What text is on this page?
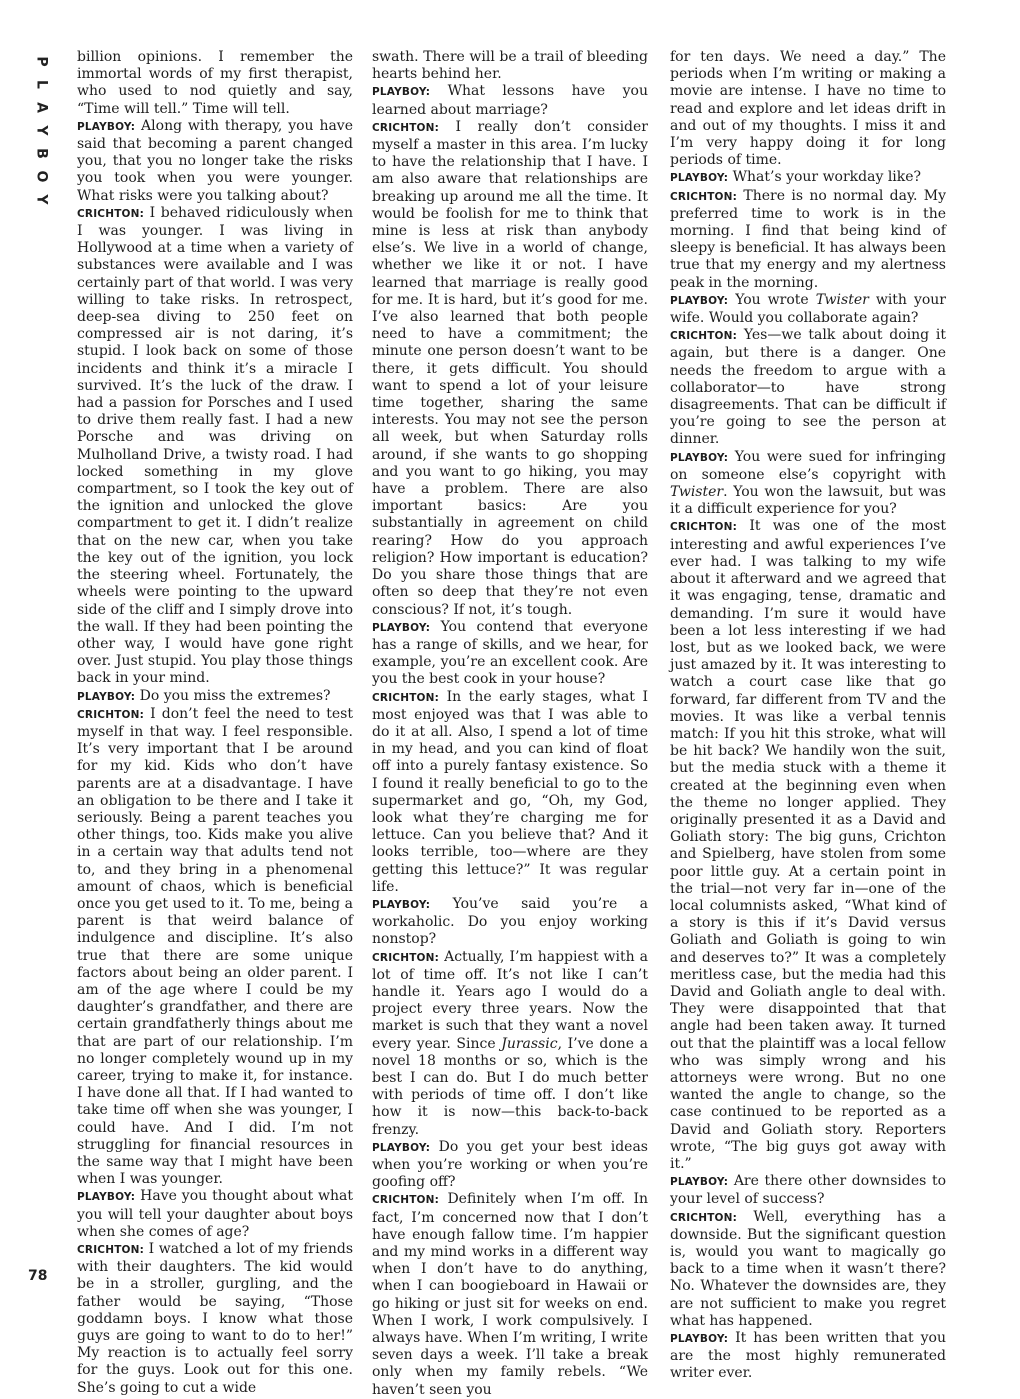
P
L
A
Y
B
O
Y
78

billion opinions. I remember the immortal words of my first therapist, who used to nod quietly and say, “Time will tell.” Time will tell.

PLAYBOY: Along with therapy, you have said that becoming a parent changed you, that you no longer take the risks you took when you were younger. What risks were you talking about?

CRICHTON: I behaved ridiculously when I was younger. I was living in Hollywood at a time when a variety of substances were available and I was certainly part of that world. I was very willing to take risks. In retrospect, deep-sea diving to 250 feet on compressed air is not daring, it’s stupid. I look back on some of those incidents and think it’s a miracle I survived. It’s the luck of the draw. I had a passion for Porsches and I used to drive them really fast. I had a new Porsche and was driving on Mulholland Drive, a twisty road. I had locked something in my glove compartment, so I took the key out of the ignition and unlocked the glove compartment to get it. I didn’t realize that on the new car, when you take the key out of the ignition, you lock the steering wheel. Fortunately, the wheels were pointing to the upward side of the cliff and I simply drove into the wall. If they had been pointing the other way, I would have gone right over. Just stupid. You play those things back in your mind.

PLAYBOY: Do you miss the extremes?

CRICHTON: I don’t feel the need to test myself in that way. I feel responsible. It’s very important that I be around for my kid. Kids who don’t have parents are at a disadvantage. I have an obligation to be there and I take it seriously. Being a parent teaches you other things, too. Kids make you alive in a certain way that adults tend not to, and they bring in a phenomenal amount of chaos, which is beneficial once you get used to it. To me, being a parent is that weird balance of indulgence and discipline. It’s also true that there are some unique factors about being an older parent. I am of the age where I could be my daughter’s grandfather, and there are certain grandfatherly things about me that are part of our relationship. I’m no longer completely wound up in my career, trying to make it, for instance. I have done all that. If I had wanted to take time off when she was younger, I could have. And I did. I’m not struggling for financial resources in the same way that I might have been when I was younger.

PLAYBOY: Have you thought about what you will tell your daughter about boys when she comes of age?

CRICHTON: I watched a lot of my friends with their daughters. The kid would be in a stroller, gurgling, and the father would be saying, “Those goddamn boys. I know what those guys are going to want to do to her!” My reaction is to actually feel sorry for the guys. Look out for this one. She’s going to cut a wide

swath. There will be a trail of bleeding hearts behind her.

PLAYBOY: What lessons have you learned about marriage?

CRICHTON: I really don’t consider myself a master in this area. I’m lucky to have the relationship that I have. I am also aware that relationships are breaking up around me all the time. It would be foolish for me to think that mine is less at risk than anybody else’s. We live in a world of change, whether we like it or not. I have learned that marriage is really good for me. It is hard, but it’s good for me. I’ve also learned that both people need to have a commitment; the minute one person doesn’t want to be there, it gets difficult. You should want to spend a lot of your leisure time together, sharing the same interests. You may not see the person all week, but when Saturday rolls around, if she wants to go shopping and you want to go hiking, you may have a problem. There are also important basics: Are you substantially in agreement on child rearing? How do you approach religion? How important is education? Do you share those things that are often so deep that they’re not even conscious? If not, it’s tough.

PLAYBOY: You contend that everyone has a range of skills, and we hear, for example, you’re an excellent cook. Are you the best cook in your house?

CRICHTON: In the early stages, what I most enjoyed was that I was able to do it at all. Also, I spend a lot of time in my head, and you can kind of float off into a purely fantasy existence. So I found it really beneficial to go to the supermarket and go, “Oh, my God, look what they’re charging me for lettuce. Can you believe that? And it looks terrible, too—where are they getting this lettuce?” It was regular life.

PLAYBOY: You’ve said you’re a workaholic. Do you enjoy working nonstop?

CRICHTON: Actually, I’m happiest with a lot of time off. It’s not like I can’t handle it. Years ago I would do a project every three years. Now the market is such that they want a novel every year. Since Jurassic, I’ve done a novel 18 months or so, which is the best I can do. But I do much better with periods of time off. I don’t like how it is now—this back-to-back frenzy.

PLAYBOY: Do you get your best ideas when you’re working or when you’re goofing off?

CRICHTON: Definitely when I’m off. In fact, I’m concerned now that I don’t have enough fallow time. I’m happier and my mind works in a different way when I don’t have to do anything, when I can boogieboard in Hawaii or go hiking or just sit for weeks on end. When I work, I work compulsively. I always have. When I’m writing, I write seven days a week. I’ll take a break only when my family rebels. “We haven’t seen you

for ten days. We need a day.” The periods when I’m writing or making a movie are intense. I have no time to read and explore and let ideas drift in and out of my thoughts. I miss it and I’m very happy doing it for long periods of time.

PLAYBOY: What’s your workday like?

CRICHTON: There is no normal day. My preferred time to work is in the morning. I find that being kind of sleepy is beneficial. It has always been true that my energy and my alertness peak in the morning.

PLAYBOY: You wrote Twister with your wife. Would you collaborate again?

CRICHTON: Yes—we talk about doing it again, but there is a danger. One needs the freedom to argue with a collaborator—to have strong disagreements. That can be difficult if you’re going to see the person at dinner.

PLAYBOY: You were sued for infringing on someone else’s copyright with Twister. You won the lawsuit, but was it a difficult experience for you?

CRICHTON: It was one of the most interesting and awful experiences I’ve ever had. I was talking to my wife about it afterward and we agreed that it was engaging, tense, dramatic and demanding. I’m sure it would have been a lot less interesting if we had lost, but as we looked back, we were just amazed by it. It was interesting to watch a court case like that go forward, far different from TV and the movies. It was like a verbal tennis match: If you hit this stroke, what will be hit back? We handily won the suit, but the media stuck with a theme it created at the beginning even when the theme no longer applied. They originally presented it as a David and Goliath story: The big guns, Crichton and Spielberg, have stolen from some poor little guy. At a certain point in the trial—not very far in—one of the local columnists asked, “What kind of a story is this if it’s David versus Goliath and Goliath is going to win and deserves to?” It was a completely meritless case, but the media had this David and Goliath angle to deal with. They were disappointed that that angle had been taken away. It turned out that the plaintiff was a local fellow who was simply wrong and his attorneys were wrong. But no one wanted the angle to change, so the case continued to be reported as a David and Goliath story. Reporters wrote, “The big guys got away with it.”

PLAYBOY: Are there other downsides to your level of success?

CRICHTON: Well, everything has a downside. But the significant question is, would you want to magically go back to a time when it wasn’t there? No. Whatever the downsides are, they are not sufficient to make you regret what has happened.

PLAYBOY: It has been written that you are the most highly remunerated writer ever.
